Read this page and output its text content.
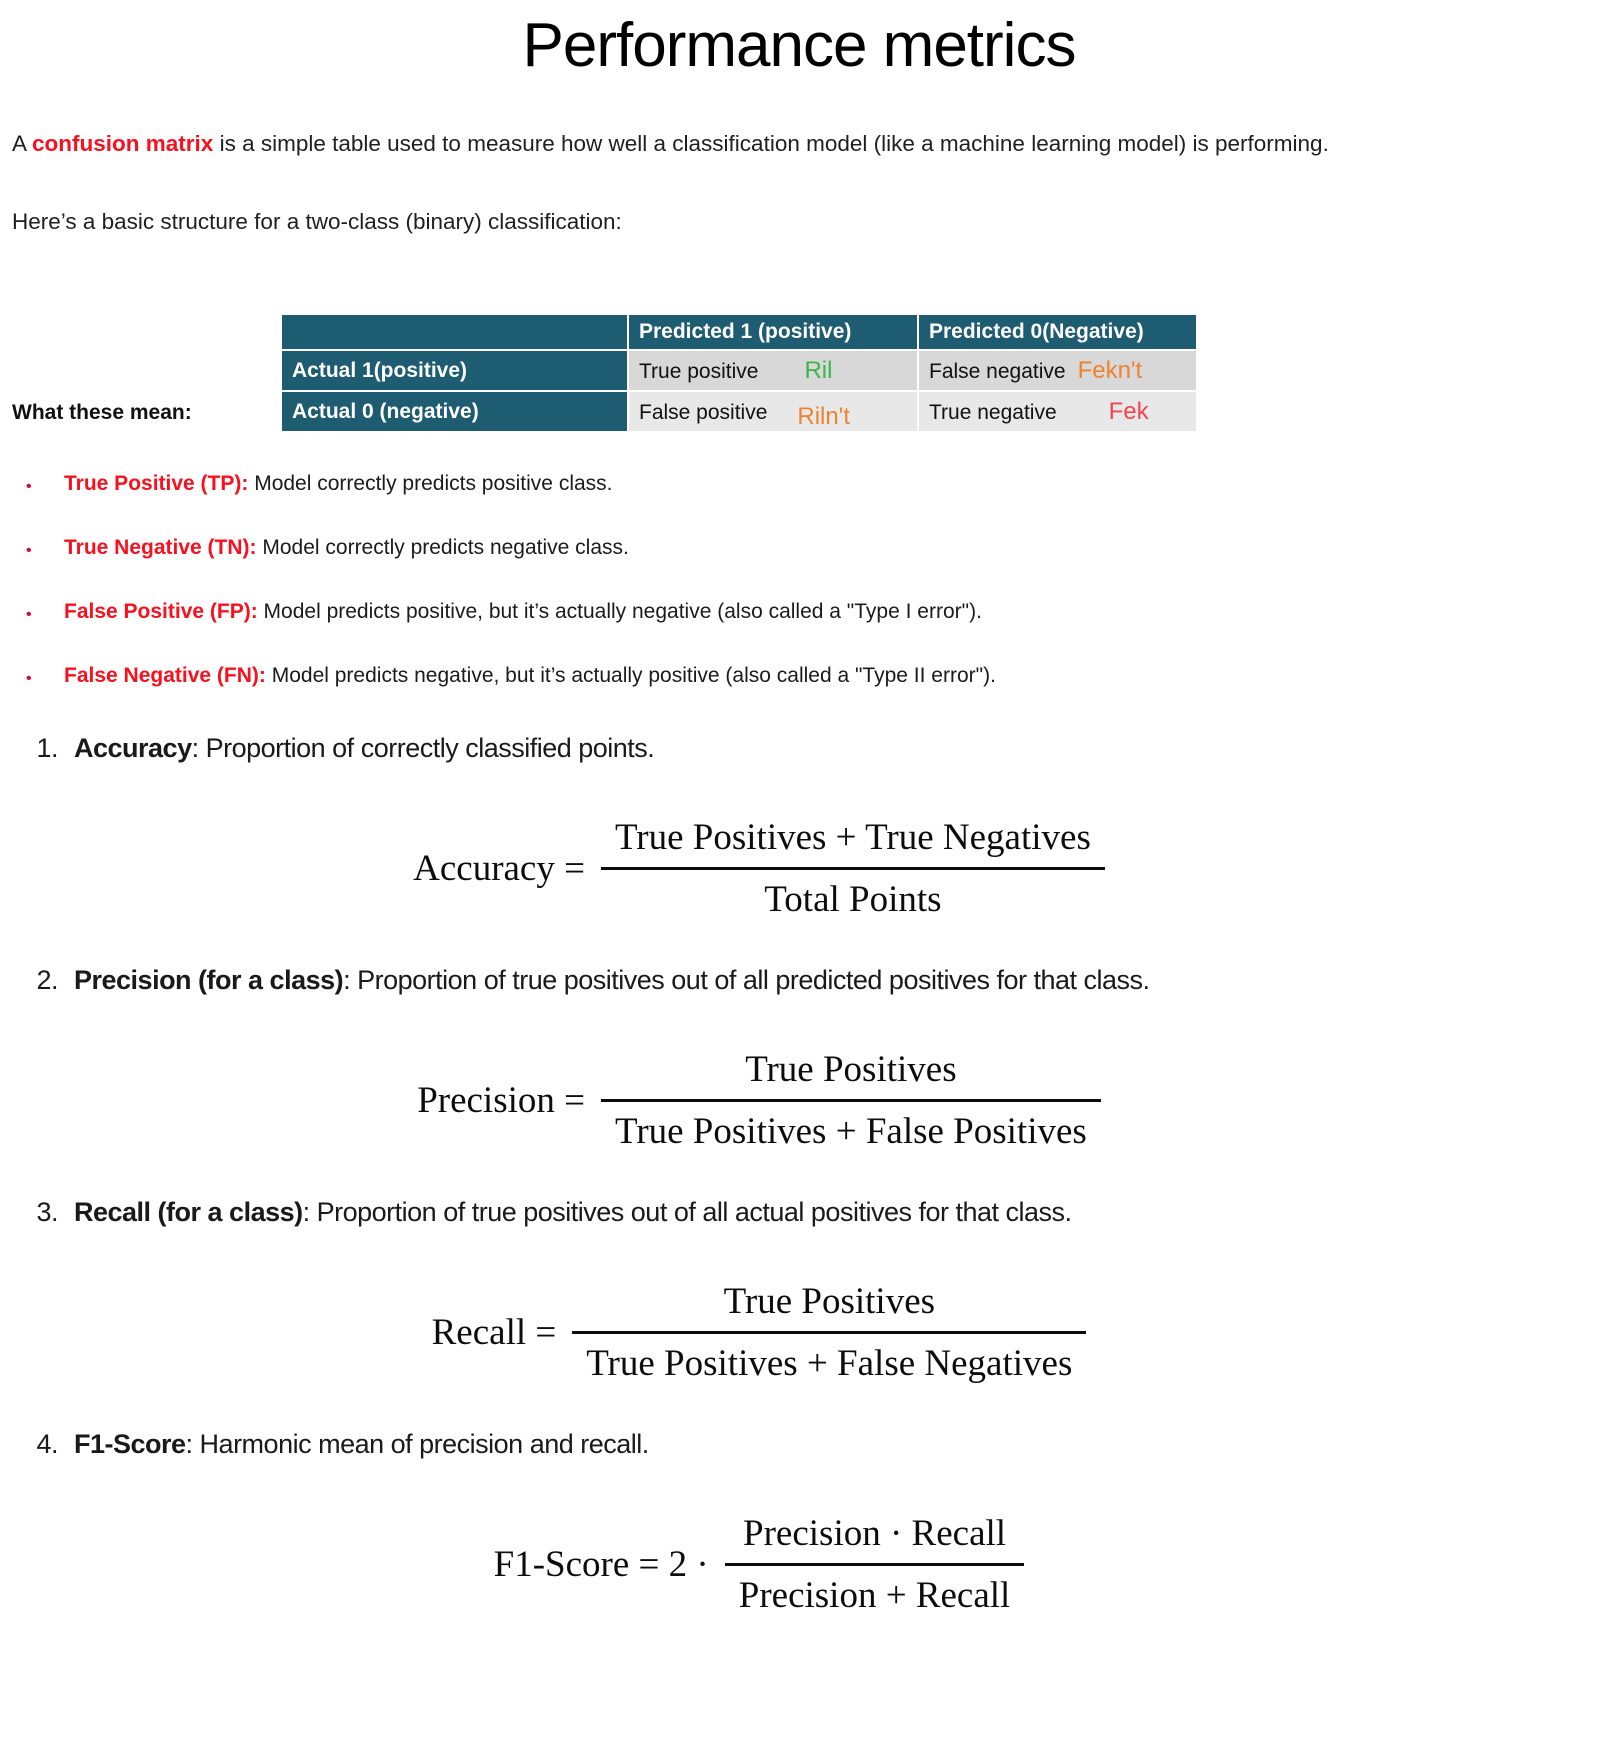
Performance metrics

A confusion matrix is a simple table used to measure how well a classification model (like a machine learning model) is performing.

Here’s a basic structure for a two-class (binary) classification:

What these mean:
	Predicted 1 (positive)	Predicted 0(Negative)
Actual 1(positive)	True positive Ril	False negative Fekn't
Actual 0 (negative)	False positive Riln't	True negative Fek
• True Positive (TP): Model correctly predicts positive class.
• True Negative (TN): Model correctly predicts negative class.
• False Positive (FP): Model predicts positive, but it’s actually negative (also called a "Type I error").
• False Negative (FN): Model predicts negative, but it’s actually positive (also called a "Type II error").
1. Accuracy: Proportion of correctly classified points.
Accuracy = $\frac{\text{True Positives + True Negatives}}{\text{Total Points}}$
2. Precision (for a class): Proportion of true positives out of all predicted positives for that class.
Precision = $\frac{\text{True Positives}}{\text{True Positives + False Positives}}$
3. Recall (for a class): Proportion of true positives out of all actual positives for that class.
Recall = $\frac{\text{True Positives}}{\text{True Positives + False Negatives}}$
4. F1-Score: Harmonic mean of precision and recall.
F1-Score = $2 \cdot \frac{\text{Precision · Recall}}{\text{Precision + Recall}}$
